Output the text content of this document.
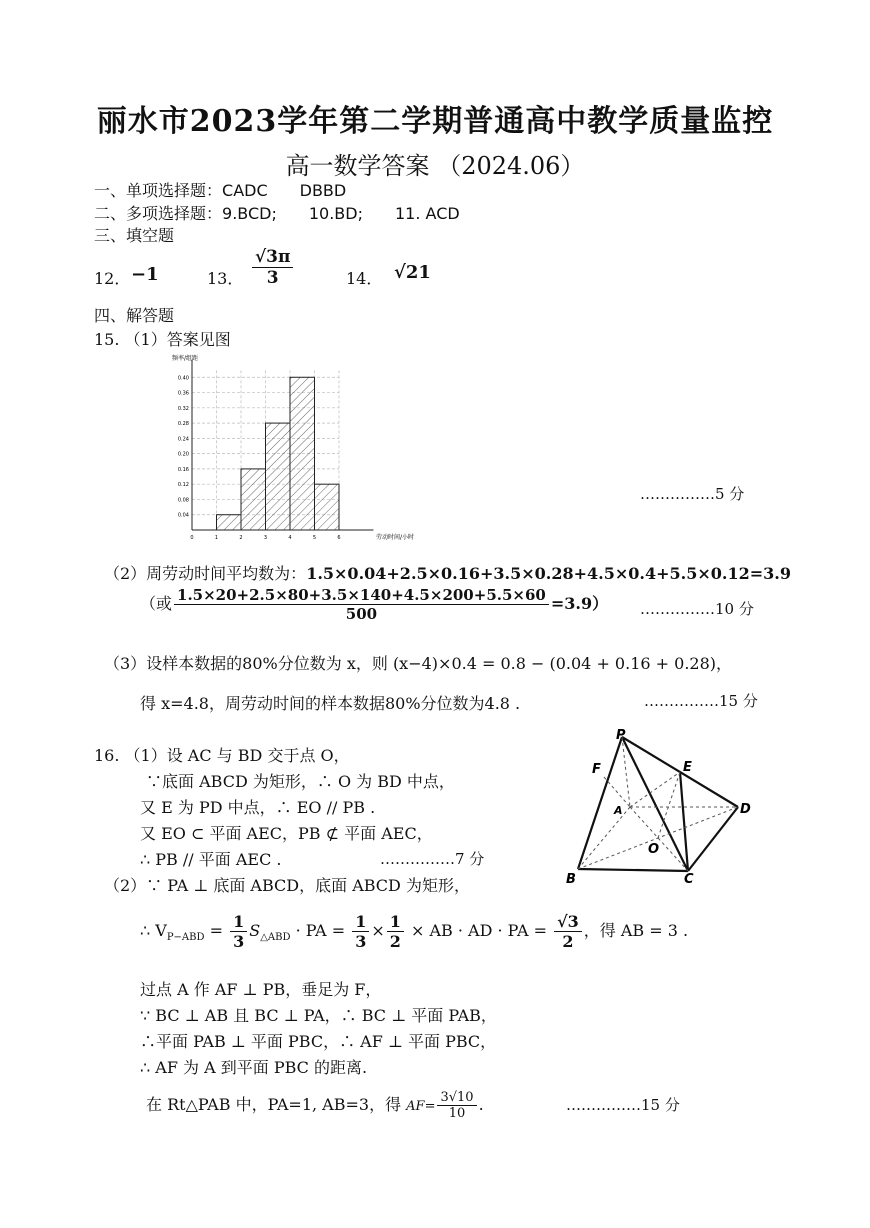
丽水市2023学年第二学期普通高中教学质量监控
高一数学答案 （2024.06）
一、单项选择题：CADC　　DBBD
二、多项选择题：9.BCD;　　10.BD;　　11. ACD
三、填空题
12． −1	13． $\frac{√3\pi}{3}$	14． √21
四、解答题
15. （1）答案见图
0.04
0.08
0.12
0.16
0.20
0.24
0.28
0.32
0.36
0.40
0	1	2	3	4	5	6
频率/组距
劳动时间/小时
……………5 分
（2）周劳动时间平均数为：1.5×0.04+2.5×0.16+3.5×0.28+4.5×0.4+5.5×0.12=3.9
（或 $\frac{1.5\times 20+2.5\times 80+3.5\times 140+4.5\times 200+5.5\times 60}{500} =3.9$） ……………10 分
（3）设样本数据的80%分位数为 x，则 (x−4)×0.4 = 0.8 − (0.04 + 0.16 + 0.28)，
得 x=4.8，周劳动时间的样本数据80%分位数为4.8 .	……………15 分
16. （1）设 AC 与 BD 交于点 O，
∵底面 ABCD 为矩形，∴ O 为 BD 中点，
又 E 为 PD 中点，∴ EO // PB .
又 EO ⊂ 平面 AEC，PB ⊄ 平面 AEC，
∴ PB // 平面 AEC .	……………7 分
（2）∵ PA ⊥ 底面 ABCD，底面 ABCD 为矩形，
P
F	E
A	D
O
B	C
∴ $V_{P-ABD} = \frac{1}{3} S_{\triangle ABD}$ · PA = $\frac{1}{3} \times \frac{1}{2}$ × AB · AD · PA = $\frac{√3}{2}$ ，得 AB = 3 .
过点 A 作 AF ⊥ PB，垂足为 F，
∵ BC ⊥ AB 且 BC ⊥ PA，∴ BC ⊥ 平面 PAB，
∴平面 PAB ⊥ 平面 PBC，∴ AF ⊥ 平面 PBC，
∴ AF 为 A 到平面 PBC 的距离.
在 Rt△PAB 中，PA=1, AB=3，得 $AF= \frac{3√10}{10}$ .	……………15 分
